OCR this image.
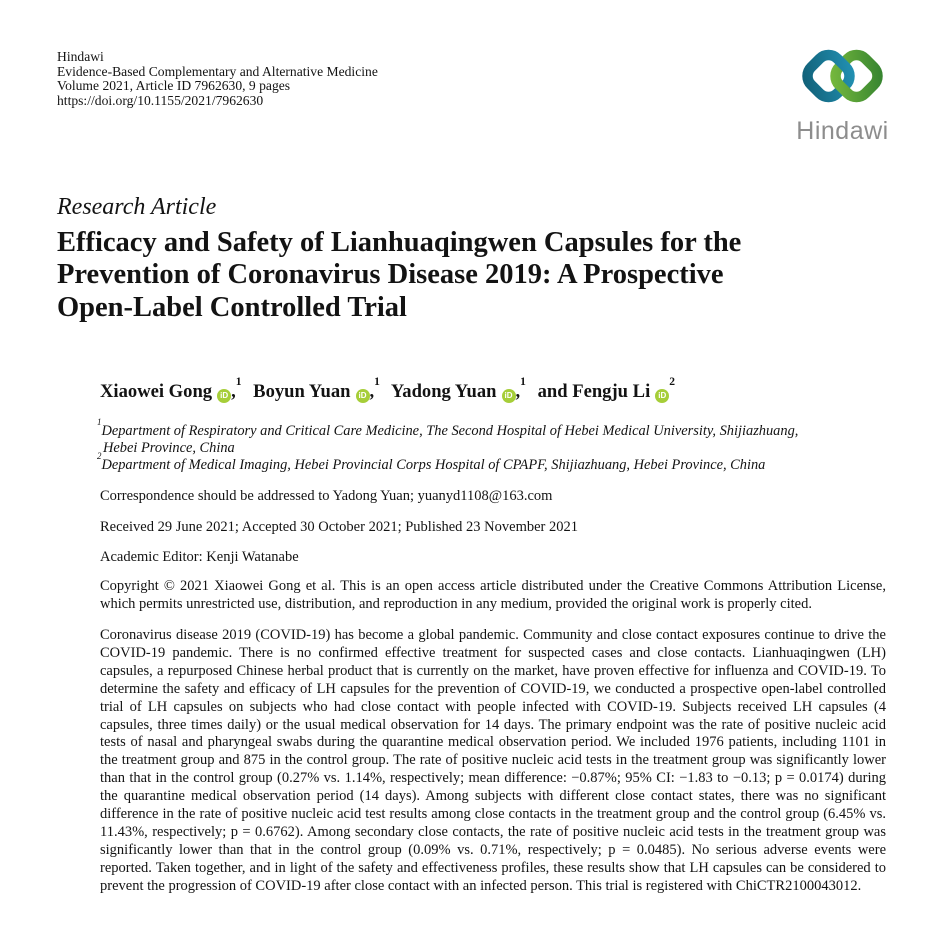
Hindawi
Evidence-Based Complementary and Alternative Medicine
Volume 2021, Article ID 7962630, 9 pages
https://doi.org/10.1155/2021/7962630
Hindawi
Research Article
Efficacy and Safety of Lianhuaqingwen Capsules for the
Prevention of Coronavirus Disease 2019: A Prospective
Open-Label Controlled Trial
Xiaowei Gong iD ,$^1$ Boyun Yuan iD ,$^1$ Yadong Yuan iD ,$^1$ and Fengju Li $iD^2$
$^1$Department of Respiratory and Critical Care Medicine, The Second Hospital of Hebei Medical University, Shijiazhuang,
Hebei Province, China
$^2$Department of Medical Imaging, Hebei Provincial Corps Hospital of CPAPF, Shijiazhuang, Hebei Province, China
Correspondence should be addressed to Yadong Yuan; yuanyd1108@163.com
Received 29 June 2021; Accepted 30 October 2021; Published 23 November 2021
Academic Editor: Kenji Watanabe
Copyright © 2021 Xiaowei Gong et al. This is an open access article distributed under the Creative Commons Attribution License, which permits unrestricted use, distribution, and reproduction in any medium, provided the original work is properly cited.
Coronavirus disease 2019 (COVID-19) has become a global pandemic. Community and close contact exposures continue to drive the COVID-19 pandemic. There is no confirmed effective treatment for suspected cases and close contacts. Lianhuaqingwen (LH) capsules, a repurposed Chinese herbal product that is currently on the market, have proven effective for influenza and COVID-19. To determine the safety and efficacy of LH capsules for the prevention of COVID-19, we conducted a prospective open-label controlled trial of LH capsules on subjects who had close contact with people infected with COVID-19. Subjects received LH capsules (4 capsules, three times daily) or the usual medical observation for 14 days. The primary endpoint was the rate of positive nucleic acid tests of nasal and pharyngeal swabs during the quarantine medical observation period. We included 1976 patients, including 1101 in the treatment group and 875 in the control group. The rate of positive nucleic acid tests in the treatment group was significantly lower than that in the control group (0.27% vs. 1.14%, respectively; mean difference: −0.87%; 95% CI: −1.83 to −0.13; p = 0.0174) during the quarantine medical observation period (14 days). Among subjects with different close contact states, there was no significant difference in the rate of positive nucleic acid test results among close contacts in the treatment group and the control group (6.45% vs. 11.43%, respectively; p = 0.6762). Among secondary close contacts, the rate of positive nucleic acid tests in the treatment group was significantly lower than that in the control group (0.09% vs. 0.71%, respectively; p = 0.0485). No serious adverse events were reported. Taken together, and in light of the safety and effectiveness profiles, these results show that LH capsules can be considered to prevent the progression of COVID-19 after close contact with an infected person. This trial is registered with ChiCTR2100043012.
